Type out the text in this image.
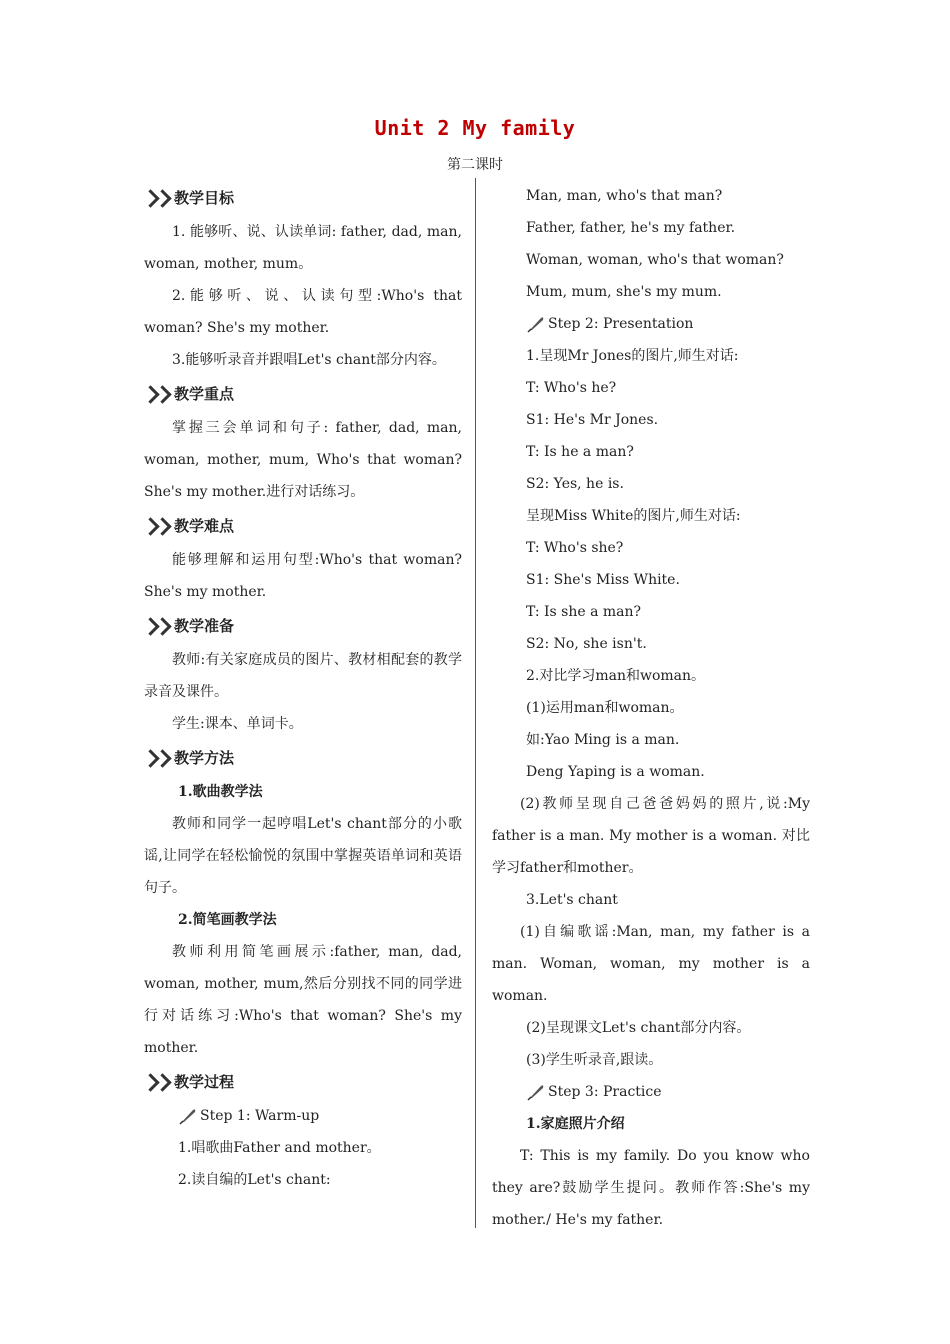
Unit 2 My family
第二课时
教学目标

1. 能够听、说、认读单词: father, dad, man, woman, mother, mum。

2.能够听、说、认读句型:Who's that woman? She's my mother.

3.能够听录音并跟唱Let's chant部分内容。

教学重点

掌握三会单词和句子: father, dad, man, woman, mother, mum, Who's that woman? She's my mother.进行对话练习。

教学难点

能够理解和运用句型:Who's that woman? She's my mother.

教学准备

教师:有关家庭成员的图片、教材相配套的教学录音及课件。

学生:课本、单词卡。

教学方法

1.歌曲教学法

教师和同学一起哼唱Let's chant部分的小歌谣,让同学在轻松愉悦的氛围中掌握英语单词和英语句子。

2.简笔画教学法

教师利用简笔画展示:father, man, dad, woman, mother, mum,然后分别找不同的同学进行对话练习:Who's that woman? She's my mother.

教学过程
Step 1: Warm-up

1.唱歌曲Father and mother。

2.读自编的Let's chant:

Man, man, who's that man?

Father, father, he's my father.

Woman, woman, who's that woman?

Mum, mum, she's my mum.

Step 2: Presentation

1.呈现Mr Jones的图片,师生对话:

T: Who's he?

S1: He's Mr Jones.

T: Is he a man?

S2: Yes, he is.

呈现Miss White的图片,师生对话:

T: Who's she?

S1: She's Miss White.

T: Is she a man?

S2: No, she isn't.

2.对比学习man和woman。

(1)运用man和woman。

如:Yao Ming is a man.

Deng Yaping is a woman.

(2)教师呈现自己爸爸妈妈的照片,说:My father is a man. My mother is a woman. 对比学习father和mother。

3.Let's chant

(1)自编歌谣:Man, man, my father is a man. Woman, woman, my mother is a woman.

(2)呈现课文Let's chant部分内容。

(3)学生听录音,跟读。

Step 3: Practice

1.家庭照片介绍

T: This is my family. Do you know who they are?鼓励学生提问。教师作答:She's my mother./ He's my father.
